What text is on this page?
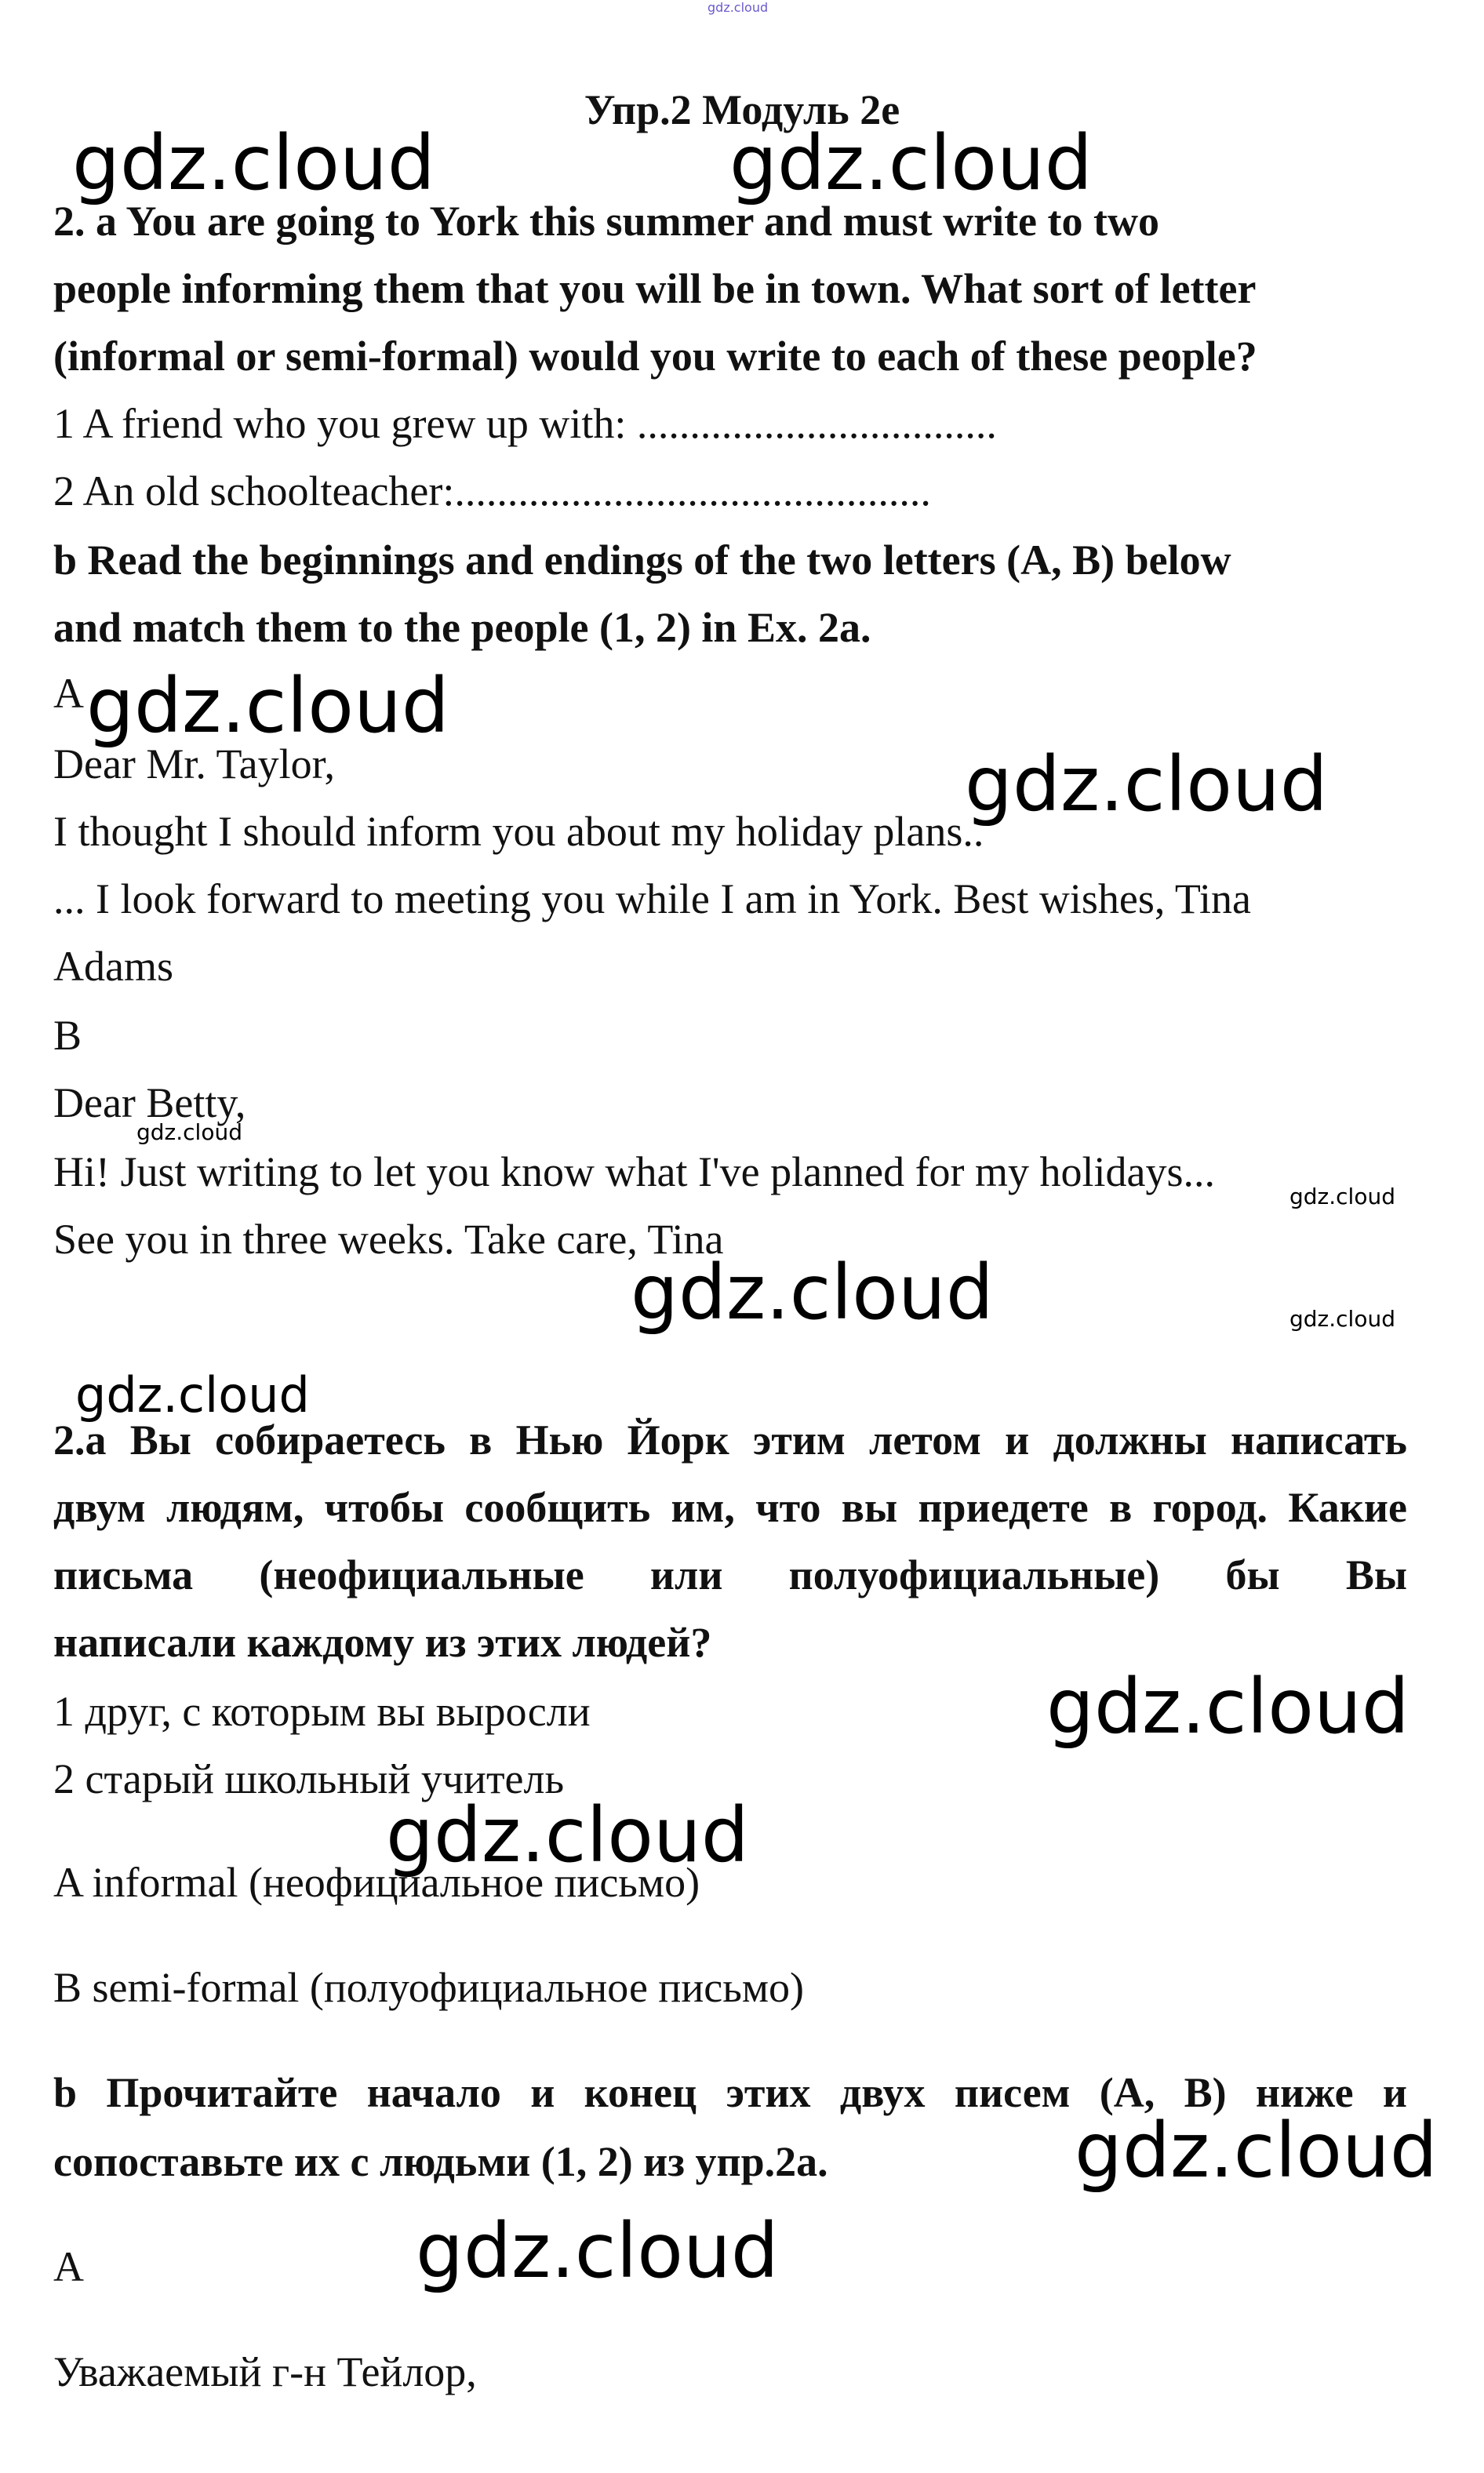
gdz.cloud
Упр.2 Модуль 2е
2. a You are going to York this summer and must write to two
people informing them that you will be in town. What sort of letter
(informal or semi-formal) would you write to each of these people?
1 A friend who you grew up with: ..................................
2 An old schoolteacher:.............................................
b Read the beginnings and endings of the two letters (A, B) below
and match them to the people (1, 2) in Ex. 2a.
A
Dear Mr. Taylor,
I thought I should inform you about my holiday plans..
... I look forward to meeting you while I am in York. Best wishes, Tina
Adams
B
Dear Betty,
Hi! Just writing to let you know what I've planned for my holidays...
See you in three weeks. Take care, Tina
2.а Вы собираетесь в Нью Йорк этим летом и должны написать
двум людям, чтобы сообщить им, что вы приедете в город. Какие
письма (неофициальные или полуофициальные) бы Вы
написали каждому из этих людей?
1 друг, с которым вы выросли
2 старый школьный учитель
A informal (неофициальное письмо)
B semi-formal (полуофициальное письмо)
b Прочитайте начало и конец этих двух писем (A, B) ниже и
сопоставьте их с людьми (1, 2) из упр.2а.
A
Уважаемый г-н Тейлор,
gdz.cloud	gdz.cloud
gdz.cloud
gdz.cloud
gdz.cloud
gdz.cloud
gdz.cloud	gdz.cloud
gdz.cloud
gdz.cloud
gdz.cloud
gdz.cloud
gdz.cloud
